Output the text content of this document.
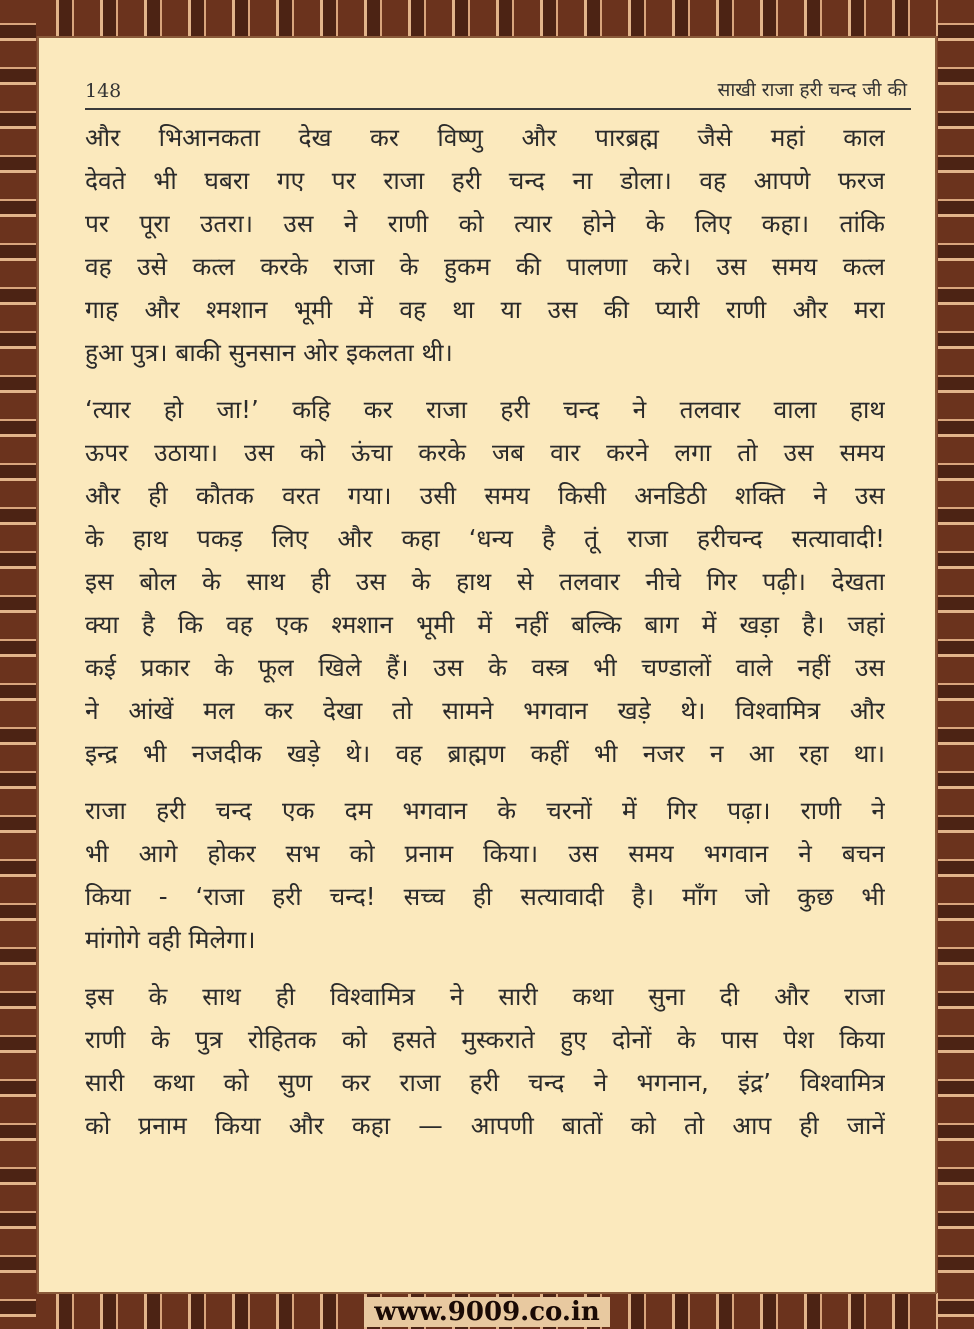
148	साखी राजा हरी चन्द जी की
और भिआनकता देख कर विष्णु और पारब्रह्म जैसे महां काल
देवते भी घबरा गए पर राजा हरी चन्द ना डोला। वह आपणे फरज
पर पूरा उतरा। उस ने राणी को त्यार होने के लिए कहा। तांकि
वह उसे कत्ल करके राजा के हुकम की पालणा करे। उस समय कत्ल
गाह और श्मशान भूमी में वह था या उस की प्यारी राणी और मरा
हुआ पुत्र। बाकी सुनसान ओर इकलता थी।
‘त्यार हो जा!’ कहि कर राजा हरी चन्द ने तलवार वाला हाथ
ऊपर उठाया। उस को ऊंचा करके जब वार करने लगा तो उस समय
और ही कौतक वरत गया। उसी समय किसी अनडिठी शक्ति ने उस
के हाथ पकड़ लिए और कहा ‘धन्य है तूं राजा हरीचन्द सत्यावादी!
इस बोल के साथ ही उस के हाथ से तलवार नीचे गिर पढ़ी। देखता
क्या है कि वह एक श्मशान भूमी में नहीं बल्कि बाग में खड़ा है। जहां
कई प्रकार के फूल खिले हैं। उस के वस्त्र भी चण्डालों वाले नहीं उस
ने आंखें मल कर देखा तो सामने भगवान खड़े थे। विश्वामित्र और
इन्द्र भी नजदीक खड़े थे। वह ब्राह्मण कहीं भी नजर न आ रहा था।
राजा हरी चन्द एक दम भगवान के चरनों में गिर पढ़ा। राणी ने
भी आगे होकर सभ को प्रनाम किया। उस समय भगवान ने बचन
किया - ‘राजा हरी चन्द! सच्च ही सत्यावादी है। माँग जो कुछ भी
मांगोगे वही मिलेगा।
इस के साथ ही विश्वामित्र ने सारी कथा सुना दी और राजा
राणी के पुत्र रोहितक को हसते मुस्कराते हुए दोनों के पास पेश किया
सारी कथा को सुण कर राजा हरी चन्द ने भगनान, इंद्र’ विश्वामित्र
को प्रनाम किया और कहा — आपणी बातों को तो आप ही जानें
www.9009.co.in
